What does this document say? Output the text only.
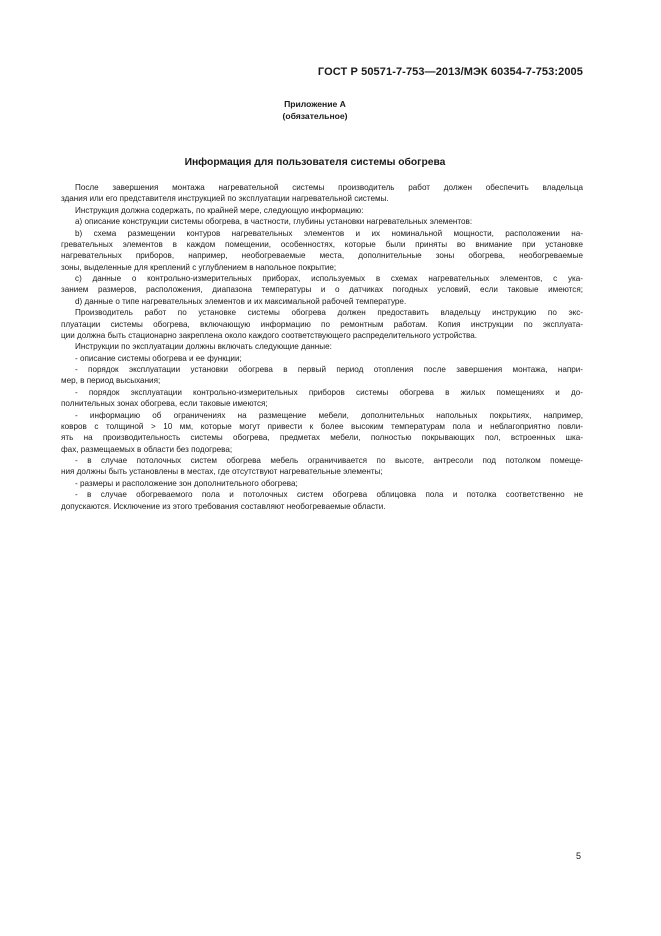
ГОСТ Р 50571-7-753—2013/МЭК 60354-7-753:2005
Приложение А
(обязательное)
Информация для пользователя системы обогрева

После завершения монтажа нагревательной системы производитель работ должен обеспечить владельца

здания или его представителя инструкцией по эксплуатации нагревательной системы.

Инструкция должна содержать, по крайней мере, следующую информацию:

а) описание конструкции системы обогрева, в частности, глубины установки нагревательных элементов:

b) схема размещении контуров нагревательных элементов и их номинальной мощности, расположении на-

гревательных элементов в каждом помещении, особенностях, которые были приняты во внимание при установке

нагревательных приборов, например, необогреваемые места, дополнительные зоны обогрева, необогреваемые

зоны, выделенные для креплений с углублением в напольное покрытие;

с) данные о контрольно-измерительных приборах, используемых в схемах нагревательных элементов, с ука-

занием размеров, расположения, диапазона температуры и о датчиках погодных условий, если таковые имеются;

d) данные о типе нагревательных элементов и их максимальной рабочей температуре.

Производитель работ по установке системы обогрева должен предоставить владельцу инструкцию по экс-

плуатации системы обогрева, включающую информацию по ремонтным работам. Копия инструкции по эксплуата-

ции должна быть стационарно закреплена около каждого соответствующего распределительного устройства.

Инструкции по эксплуатации должны включать следующие данные:

- описание системы обогрева и ее функции;

- порядок эксплуатации установки обогрева в первый период отопления после завершения монтажа, напри-

мер, в период высыхания;

- порядок эксплуатации контрольно-измерительных приборов системы обогрева в жилых помещениях и до-

полнительных зонах обогрева, если таковые имеются;

- информацию об ограничениях на размещение мебели, дополнительных напольных покрытиях, например,

ковров с толщиной > 10 мм, которые могут привести к более высоким температурам пола и неблагоприятно повли-

ять на производительность системы обогрева, предметах мебели, полностью покрывающих пол, встроенных шка-

фах, размещаемых в области без подогрева;

- в случае потолочных систем обогрева мебель ограничивается по высоте, антресоли под потолком помеще-

ния должны быть установлены в местах, где отсутствуют нагревательные элементы;

- размеры и расположение зон дополнительного обогрева;

- в случае обогреваемого пола и потолочных систем обогрева облицовка пола и потолка соответственно не

допускаются. Исключение из этого требования составляют необогреваемые области.

5
